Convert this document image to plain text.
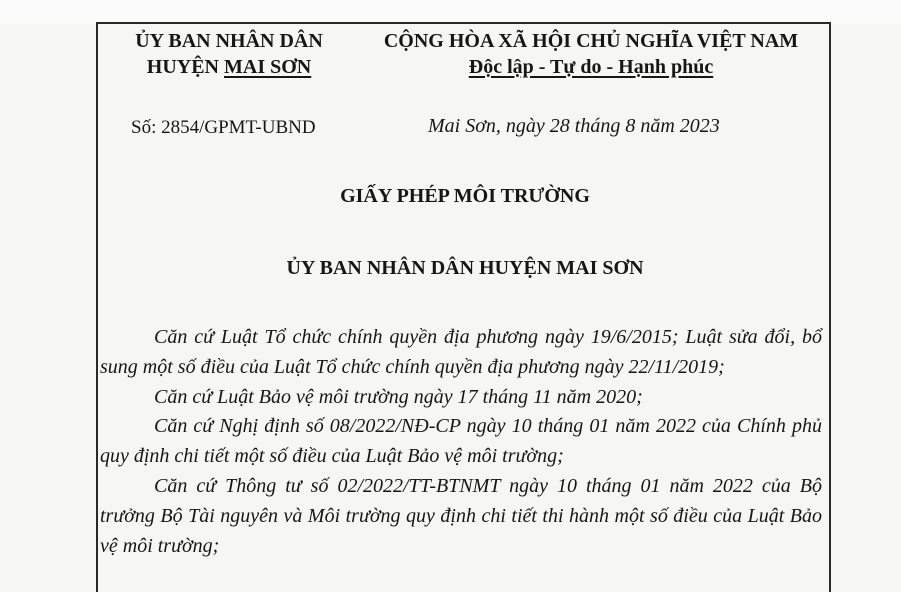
ỦY BAN NHÂN DÂN
HUYỆN MAI SƠN
CỘNG HÒA XÃ HỘI CHỦ NGHĨA VIỆT NAM
Độc lập - Tự do - Hạnh phúc
Số: 2854/GPMT-UBND	Mai Sơn, ngày 28 tháng 8 năm 2023
GIẤY PHÉP MÔI TRƯỜNG
ỦY BAN NHÂN DÂN HUYỆN MAI SƠN

Căn cứ Luật Tổ chức chính quyền địa phương ngày 19/6/2015; Luật sửa đổi, bổ sung một số điều của Luật Tổ chức chính quyền địa phương ngày 22/11/2019;

Căn cứ Luật Bảo vệ môi trường ngày 17 tháng 11 năm 2020;

Căn cứ Nghị định số 08/2022/NĐ-CP ngày 10 tháng 01 năm 2022 của Chính phủ quy định chi tiết một số điều của Luật Bảo vệ môi trường;

Căn cứ Thông tư số 02/2022/TT-BTNMT ngày 10 tháng 01 năm 2022 của Bộ trưởng Bộ Tài nguyên và Môi trường quy định chi tiết thi hành một số điều của Luật Bảo vệ môi trường;
